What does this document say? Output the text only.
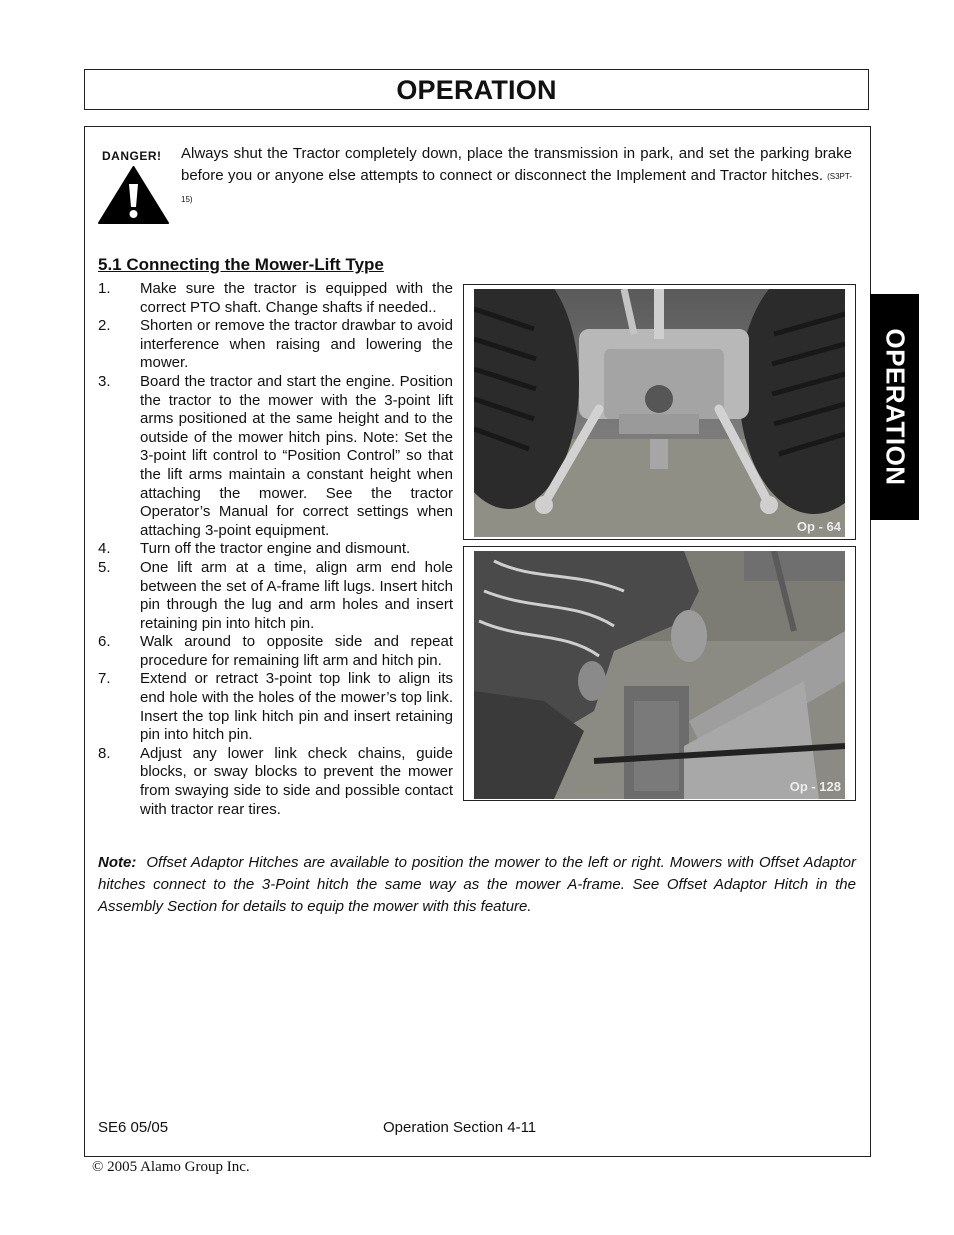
OPERATION
OPERATION
DANGER! Always shut the Tractor completely down, place the transmission in park, and set the parking brake before you or anyone else attempts to connect or disconnect the Implement and Tractor hitches. (S3PT-15)
5.1 Connecting the Mower-Lift Type
1. Make sure the tractor is equipped with the correct PTO shaft. Change shafts if needed..
2. Shorten or remove the tractor drawbar to avoid interference when raising and lowering the mower.
3. Board the tractor and start the engine. Position the tractor to the mower with the 3-point lift arms positioned at the same height and to the outside of the mower hitch pins. Note: Set the 3-point lift control to “Position Control” so that the lift arms maintain a constant height when attaching the mower. See the tractor Operator’s Manual for correct settings when attaching 3-point equipment.
4. Turn off the tractor engine and dismount.
5. One lift arm at a time, align arm end hole between the set of A-frame lift lugs. Insert hitch pin through the lug and arm holes and insert retaining pin into hitch pin.
6. Walk around to opposite side and repeat procedure for remaining lift arm and hitch pin.
7. Extend or retract 3-point top link to align its end hole with the holes of the mower’s top link. Insert the top link hitch pin and insert retaining pin into hitch pin.
8. Adjust any lower link check chains, guide blocks, or sway blocks to prevent the mower from swaying side to side and possible contact with tractor rear tires.
Op - 64
Op - 128
Note: Offset Adaptor Hitches are available to position the mower to the left or right. Mowers with Offset Adaptor hitches connect to the 3-Point hitch the same way as the mower A-frame. See Offset Adaptor Hitch in the Assembly Section for details to equip the mower with this feature.
SE6 05/05	Operation Section 4-11
© 2005 Alamo Group Inc.
